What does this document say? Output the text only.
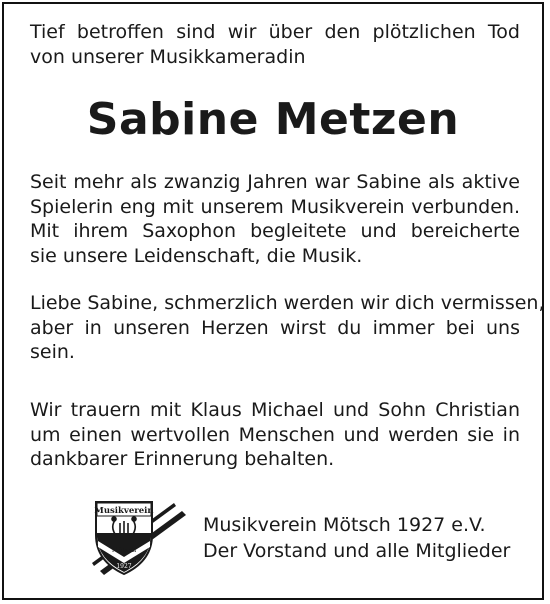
Tief betroffen sind wir über den plötzlichen Tod
von unserer Musikkameradin
Sabine Metzen
Seit mehr als zwanzig Jahren war Sabine als aktive
Spielerin eng mit unserem Musikverein verbunden.
Mit ihrem Saxophon begleitete und bereicherte
sie unsere Leidenschaft, die Musik.
Liebe Sabine, schmerzlich werden wir dich vermissen,
aber in unseren Herzen wirst du immer bei uns
sein.
Wir trauern mit Klaus Michael und Sohn Christian
um einen wertvollen Menschen und werden sie in
dankbarer Erinnerung behalten.
Musikverein
Mötsch
1927
Musikverein Mötsch 1927 e.V.
Der Vorstand und alle Mitglieder
